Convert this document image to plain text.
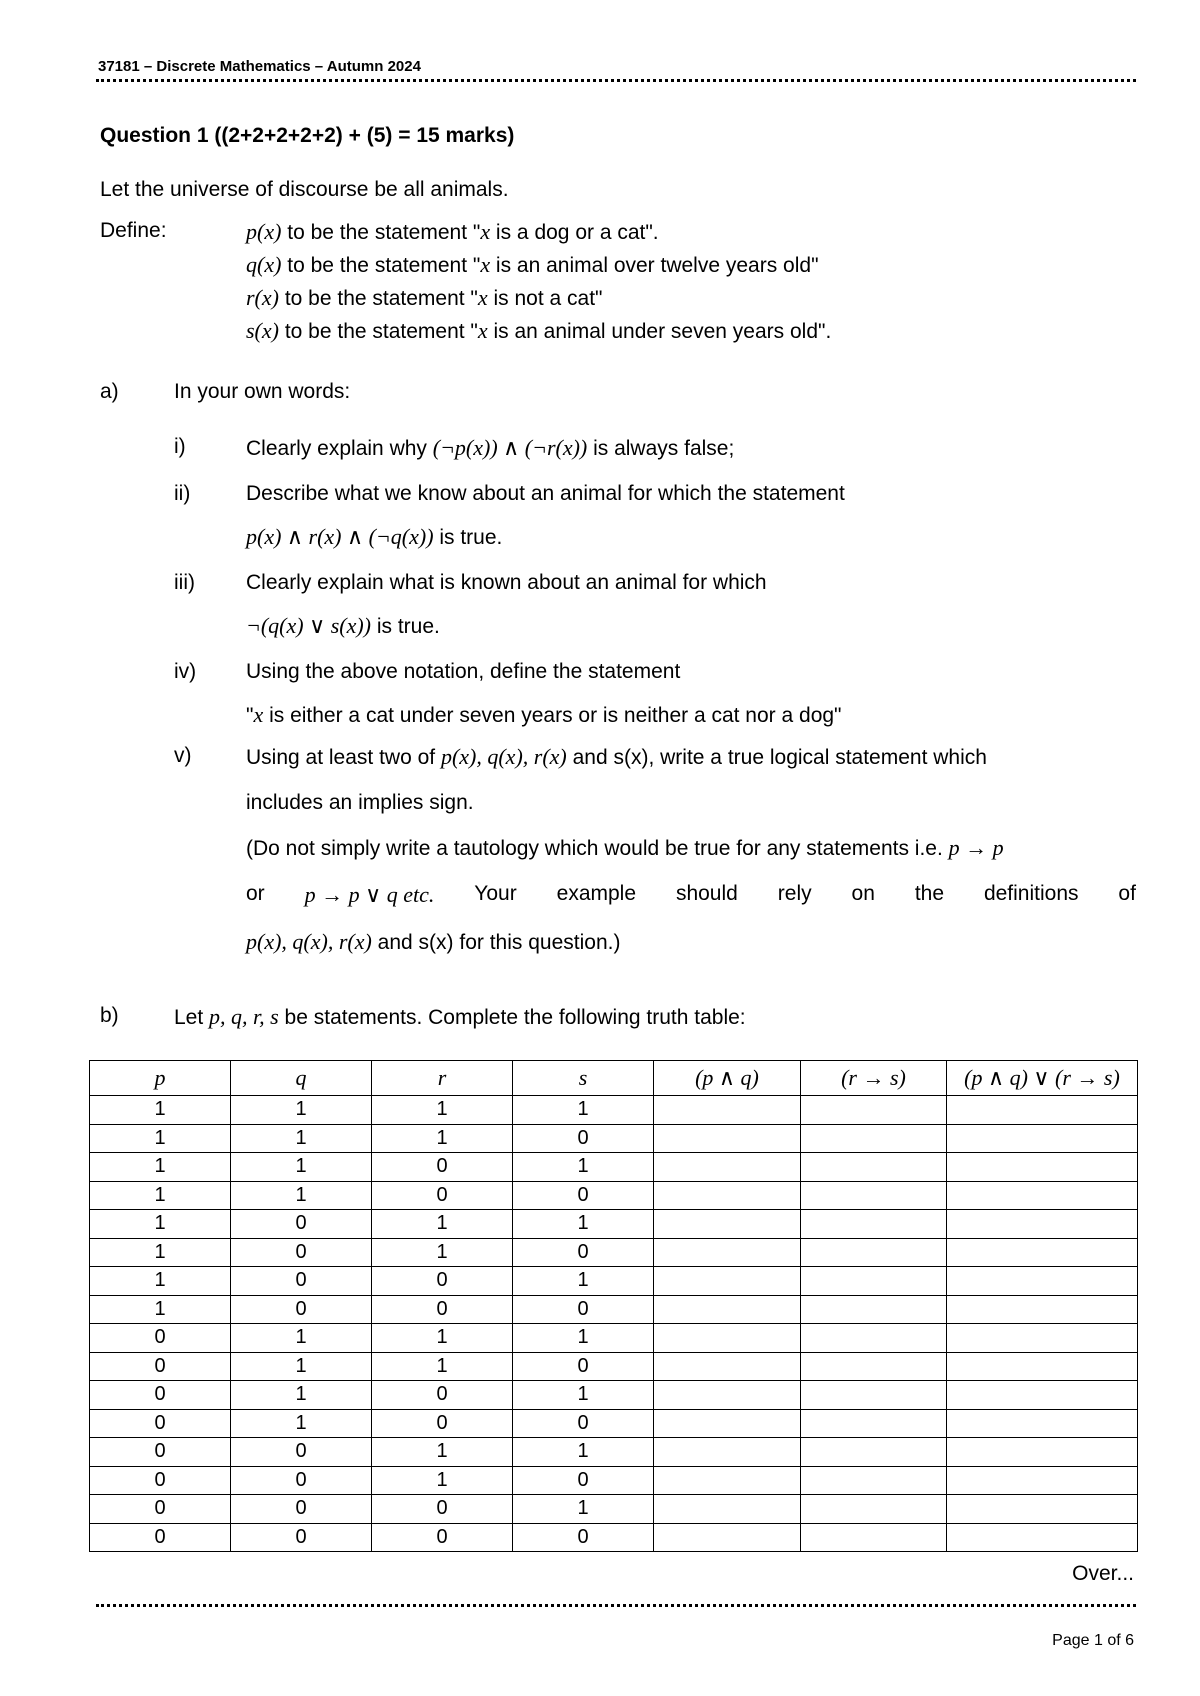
37181 – Discrete Mathematics – Autumn 2024
Question 1 ((2+2+2+2+2) + (5) = 15 marks)
Let the universe of discourse be all animals.
Define:	p(x) to be the statement "x is a dog or a cat".
q(x) to be the statement "x is an animal over twelve years old"
r(x) to be the statement "x is not a cat"
s(x) to be the statement "x is an animal under seven years old".
a)	In your own words:
i)	Clearly explain why (¬p(x)) ∧ (¬r(x)) is always false;
ii)	Describe what we know about an animal for which the statement
p(x) ∧ r(x) ∧ (¬q(x)) is true.
iii) Clearly explain what is known about an animal for which
¬(q(x) ∨ s(x)) is true.
iv) Using the above notation, define the statement
"x is either a cat under seven years or is neither a cat nor a dog"
v)	Using at least two of p(x), q(x), r(x) and s(x), write a true logical statement which
includes an implies sign.
(Do not simply write a tautology which would be true for any statements i.e. p → p
or p → p ∨ q etc. Your example should rely on the definitions of
p(x), q(x), r(x) and s(x) for this question.)
b)	Let p, q, r, s be statements. Complete the following truth table:
p	q	r	s	(p ∧ q)	(r → s)	(p ∧ q) ∨ (r → s)
1	1	1	1			
1	1	1	0			
1	1	0	1			
1	1	0	0			
1	0	1	1			
1	0	1	0			
1	0	0	1			
1	0	0	0			
0	1	1	1			
0	1	1	0			
0	1	0	1			
0	1	0	0			
0	0	1	1			
0	0	1	0			
0	0	0	1			
0	0	0	0			
Over...
Page 1 of 6
